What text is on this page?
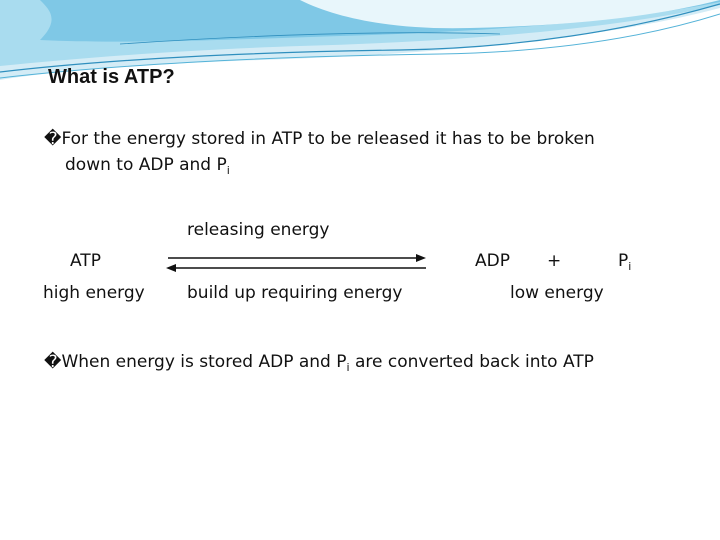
What is ATP?
�For the energy stored in ATP to be released it has to be broken
down to ADP and $P_i$
releasing energy
ATP
high energy build up requiring energy
ADP +	$P_i$
low energy
�When energy is stored ADP and $P_i$ are converted back into ATP
